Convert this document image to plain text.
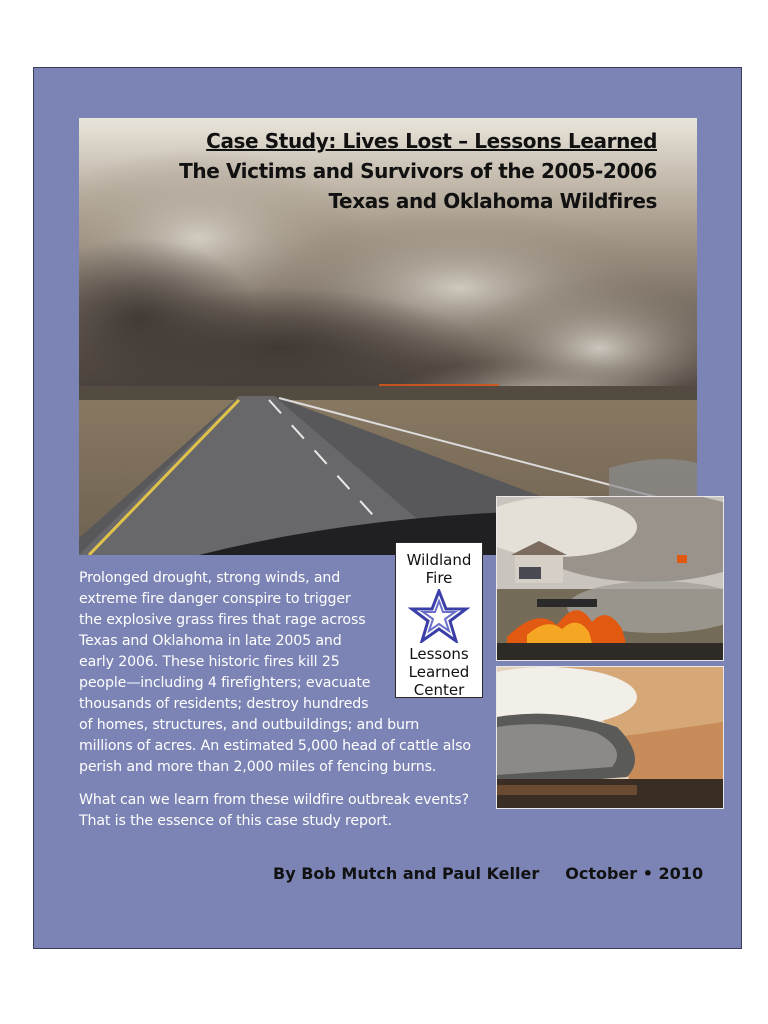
Case Study: Lives Lost – Lessons Learned
The Victims and Survivors of the 2005-2006
Texas and Oklahoma Wildfires
Wildland
Fire
Lessons
Learned
Center

Prolonged drought, strong winds, and
extreme fire danger conspire to trigger
the explosive grass fires that rage across
Texas and Oklahoma in late 2005 and
early 2006. These historic fires kill 25
people—including 4 firefighters; evacuate
thousands of residents; destroy hundreds
of homes, structures, and outbuildings; and burn
millions of acres. An estimated 5,000 head of cattle also
perish and more than 2,000 miles of fencing burns.

What can we learn from these wildfire outbreak events?
That is the essence of this case study report.

By Bob Mutch and Paul Keller October • 2010
